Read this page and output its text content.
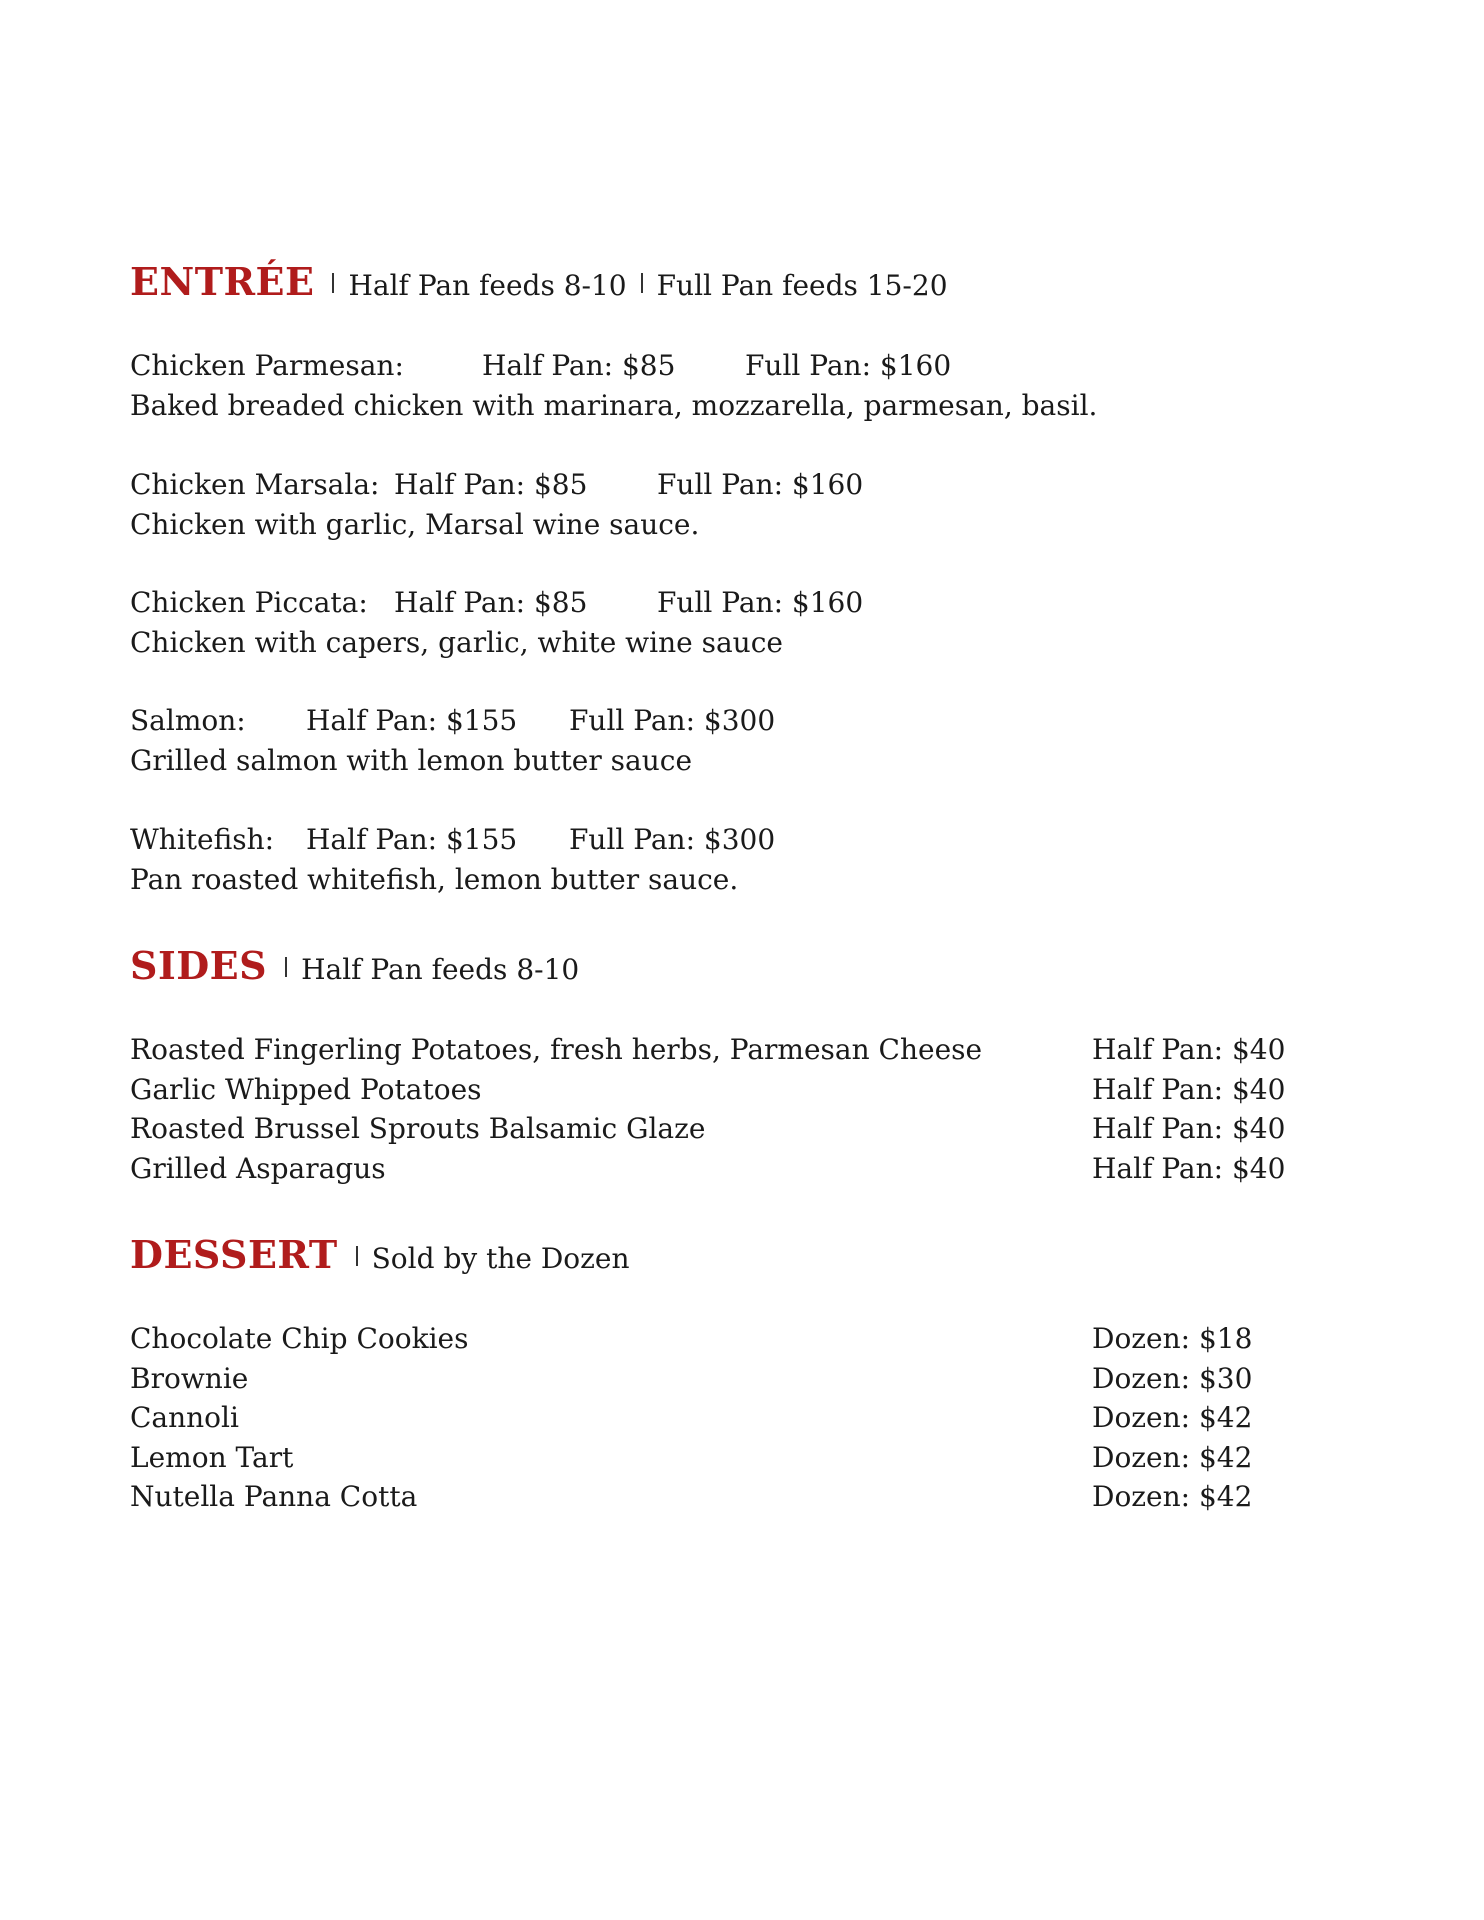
ENTRÉE Half Pan feeds 8-10 Full Pan feeds 15-20
Chicken Parmesan:	Half Pan: $85 Full Pan: $160
Baked breaded chicken with marinara, mozzarella, parmesan, basil.
Chicken Marsala: Half Pan: $85 Full Pan: $160
Chicken with garlic, Marsal wine sauce.
Chicken Piccata: Half Pan: $85 Full Pan: $160
Chicken with capers, garlic, white wine sauce
Salmon: Half Pan: $155 Full Pan: $300
Grilled salmon with lemon butter sauce
Whitefish: Half Pan: $155 Full Pan: $300
Pan roasted whitefish, lemon butter sauce.
SIDES Half Pan feeds 8-10
Roasted Fingerling Potatoes, fresh herbs, Parmesan Cheese	Half Pan: $40
Garlic Whipped Potatoes	Half Pan: $40
Roasted Brussel Sprouts Balsamic Glaze	Half Pan: $40
Grilled Asparagus	Half Pan: $40
DESSERT Sold by the Dozen
Chocolate Chip Cookies	Dozen: $18
Brownie	Dozen: $30
Cannoli	Dozen: $42
Lemon Tart	Dozen: $42
Nutella Panna Cotta	Dozen: $42
